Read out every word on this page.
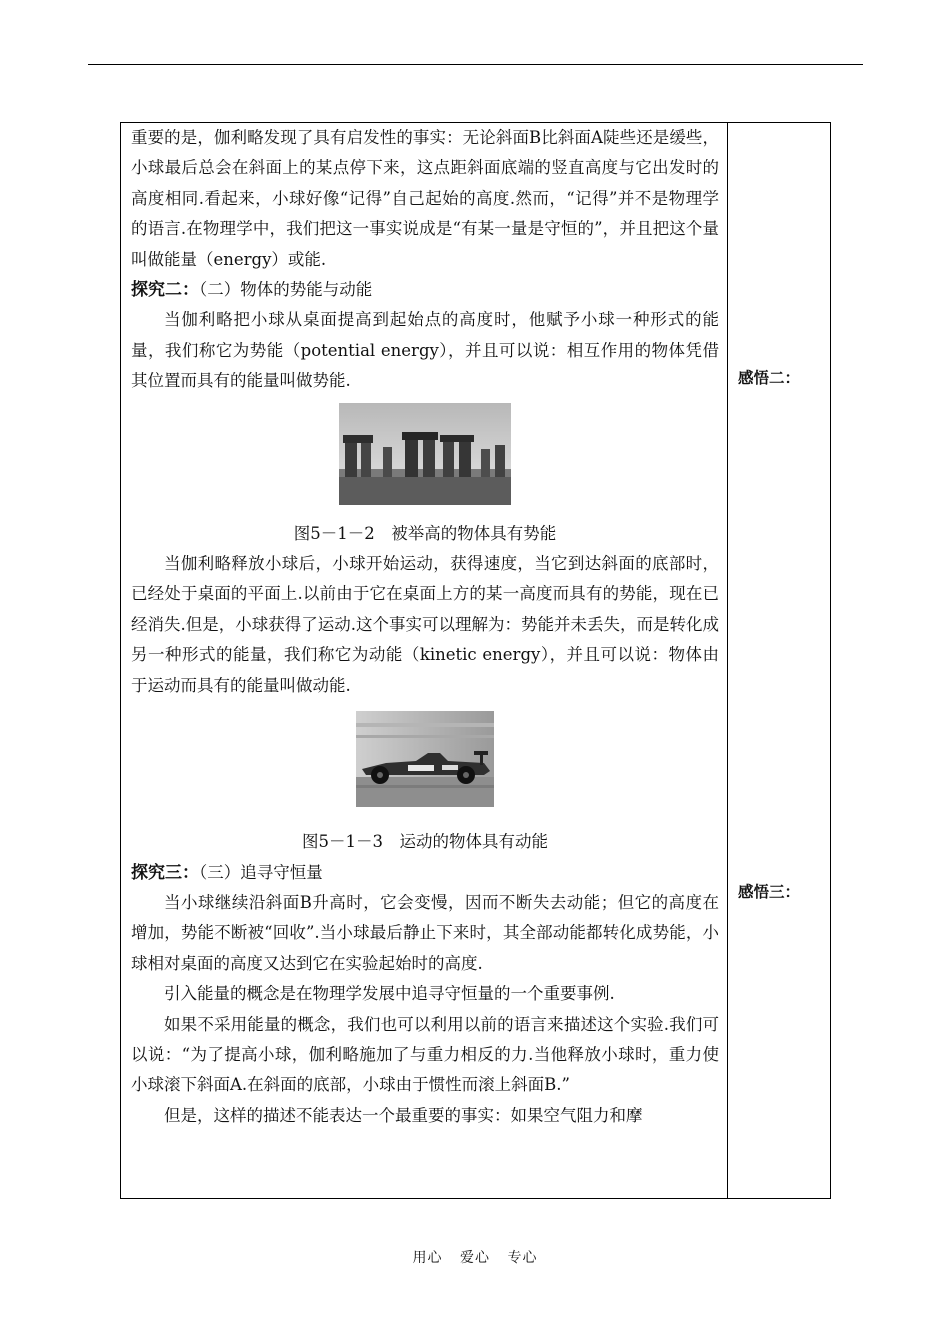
重要的是，伽利略发现了具有启发性的事实：无论斜面B比斜面A陡些还是缓些，小球最后总会在斜面上的某点停下来，这点距斜面底端的竖直高度与它出发时的高度相同.看起来，小球好像“记得”自己起始的高度.然而，“记得”并不是物理学的语言.在物理学中，我们把这一事实说成是“有某一量是守恒的”，并且把这个量叫做能量（energy）或能.

探究二：（二）物体的势能与动能

当伽利略把小球从桌面提高到起始点的高度时，他赋予小球一种形式的能量，我们称它为势能（potential energy），并且可以说：相互作用的物体凭借其位置而具有的能量叫做势能.

图5－1－2　被举高的物体具有势能

当伽利略释放小球后，小球开始运动，获得速度，当它到达斜面的底部时，已经处于桌面的平面上.以前由于它在桌面上方的某一高度而具有的势能，现在已经消失.但是，小球获得了运动.这个事实可以理解为：势能并未丢失，而是转化成另一种形式的能量，我们称它为动能（kinetic energy），并且可以说：物体由于运动而具有的能量叫做动能.

图5－1－3　运动的物体具有动能

探究三：（三）追寻守恒量

当小球继续沿斜面B升高时，它会变慢，因而不断失去动能；但它的高度在增加，势能不断被“回收”.当小球最后静止下来时，其全部动能都转化成势能，小球相对桌面的高度又达到它在实验起始时的高度.

引入能量的概念是在物理学发展中追寻守恒量的一个重要事例.

如果不采用能量的概念，我们也可以利用以前的语言来描述这个实验.我们可以说：“为了提高小球，伽利略施加了与重力相反的力.当他释放小球时，重力使小球滚下斜面A.在斜面的底部，小球由于惯性而滚上斜面B.”

但是，这样的描述不能表达一个最重要的事实：如果空气阻力和摩

感悟二：
感悟三：
用心 爱心 专心
